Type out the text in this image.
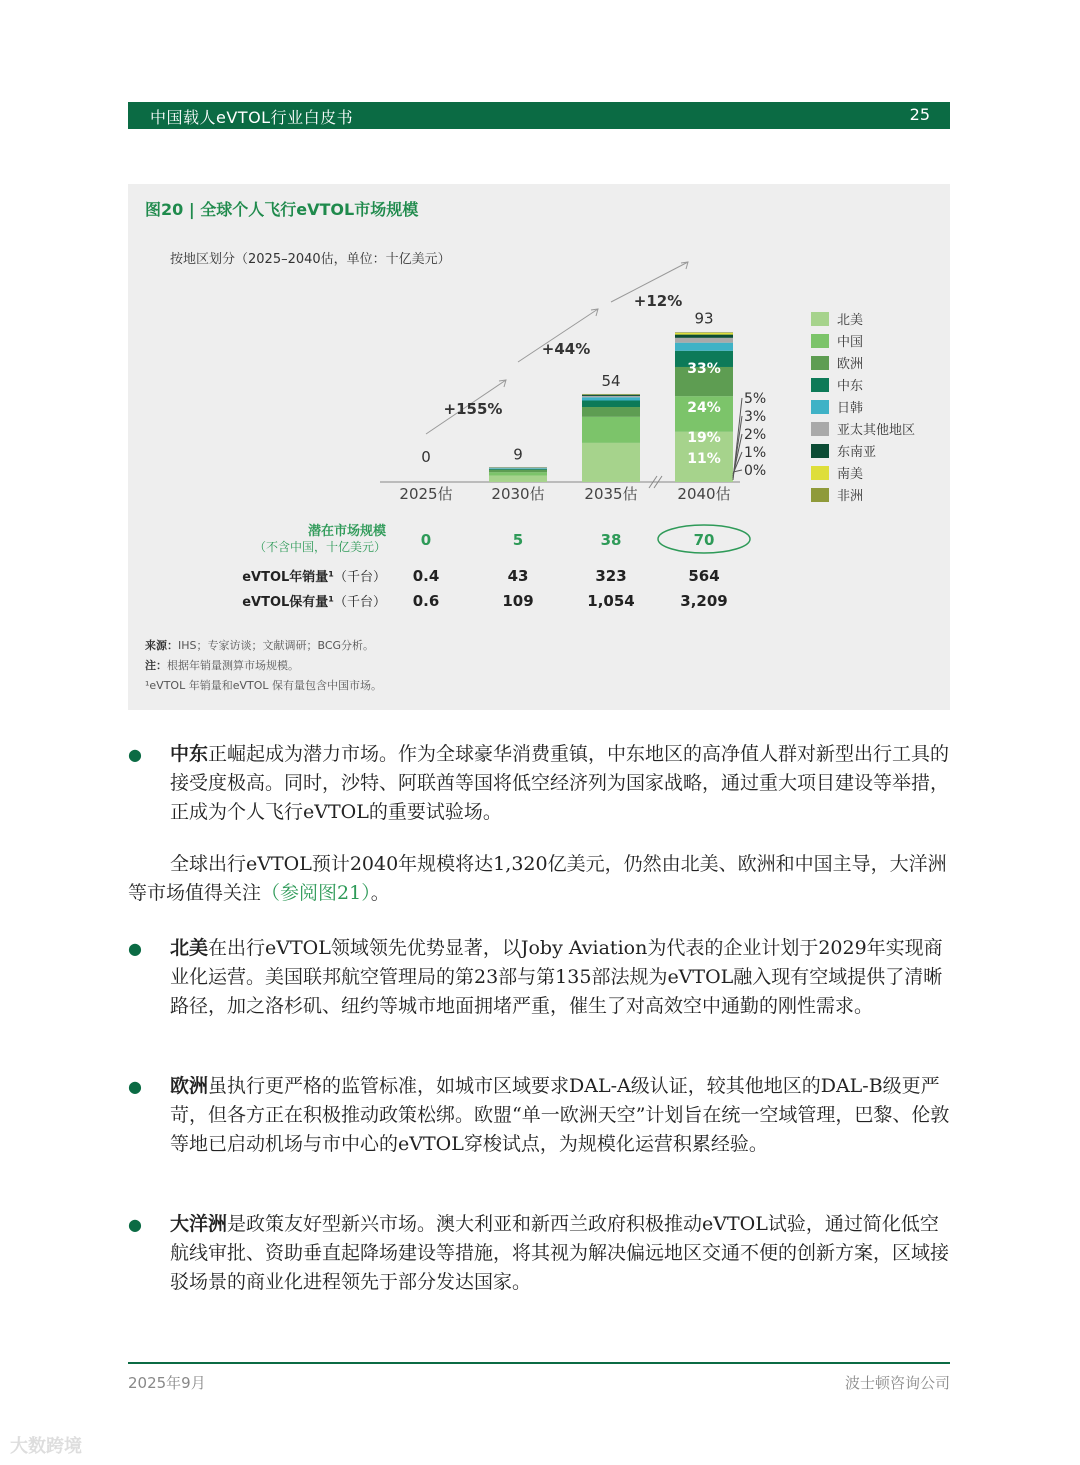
中国载人eVTOL行业白皮书	25
图20 | 全球个人飞行eVTOL市场规模
按地区划分（2025–2040估，单位：十亿美元）
2025估
0
2030估
9
2035估
54
2040估
93
33%
24%
19%
11%
5%
3%
2%
1%
0%
+155%
+44%
+12%
北美
中国
欧洲
中东
日韩
亚太其他地区
东南亚
南美
非洲
潜在市场规模
（不含中国，十亿美元） 0	5	38	70
eVTOL年销量¹（千台） 0.4	43	323	564
eVTOL保有量¹（千台） 0.6	109	1,054	3,209
来源：IHS；专家访谈；文献调研；BCG分析。
注：根据年销量测算市场规模。
¹eVTOL 年销量和eVTOL 保有量包含中国市场。
● 中东正崛起成为潜力市场。作为全球豪华消费重镇，中东地区的高净值人群对新型出行工具的接受度极高。同时，沙特、阿联酋等国将低空经济列为国家战略，通过重大项目建设等举措，正成为个人飞行eVTOL的重要试验场。
全球出行eVTOL预计2040年规模将达1,320亿美元，仍然由北美、欧洲和中国主导，大洋洲等市场值得关注（参阅图21）。
● 北美在出行eVTOL领域领先优势显著，以Joby Aviation为代表的企业计划于2029年实现商业化运营。美国联邦航空管理局的第23部与第135部法规为eVTOL融入现有空域提供了清晰路径，加之洛杉矶、纽约等城市地面拥堵严重，催生了对高效空中通勤的刚性需求。
● 欧洲虽执行更严格的监管标准，如城市区域要求DAL-A级认证，较其他地区的DAL-B级更严苛，但各方正在积极推动政策松绑。欧盟“单一欧洲天空”计划旨在统一空域管理，巴黎、伦敦等地已启动机场与市中心的eVTOL穿梭试点，为规模化运营积累经验。
● 大洋洲是政策友好型新兴市场。澳大利亚和新西兰政府积极推动eVTOL试验，通过简化低空航线审批、资助垂直起降场建设等措施，将其视为解决偏远地区交通不便的创新方案，区域接驳场景的商业化进程领先于部分发达国家。
2025年9月	波士顿咨询公司
大数跨境
